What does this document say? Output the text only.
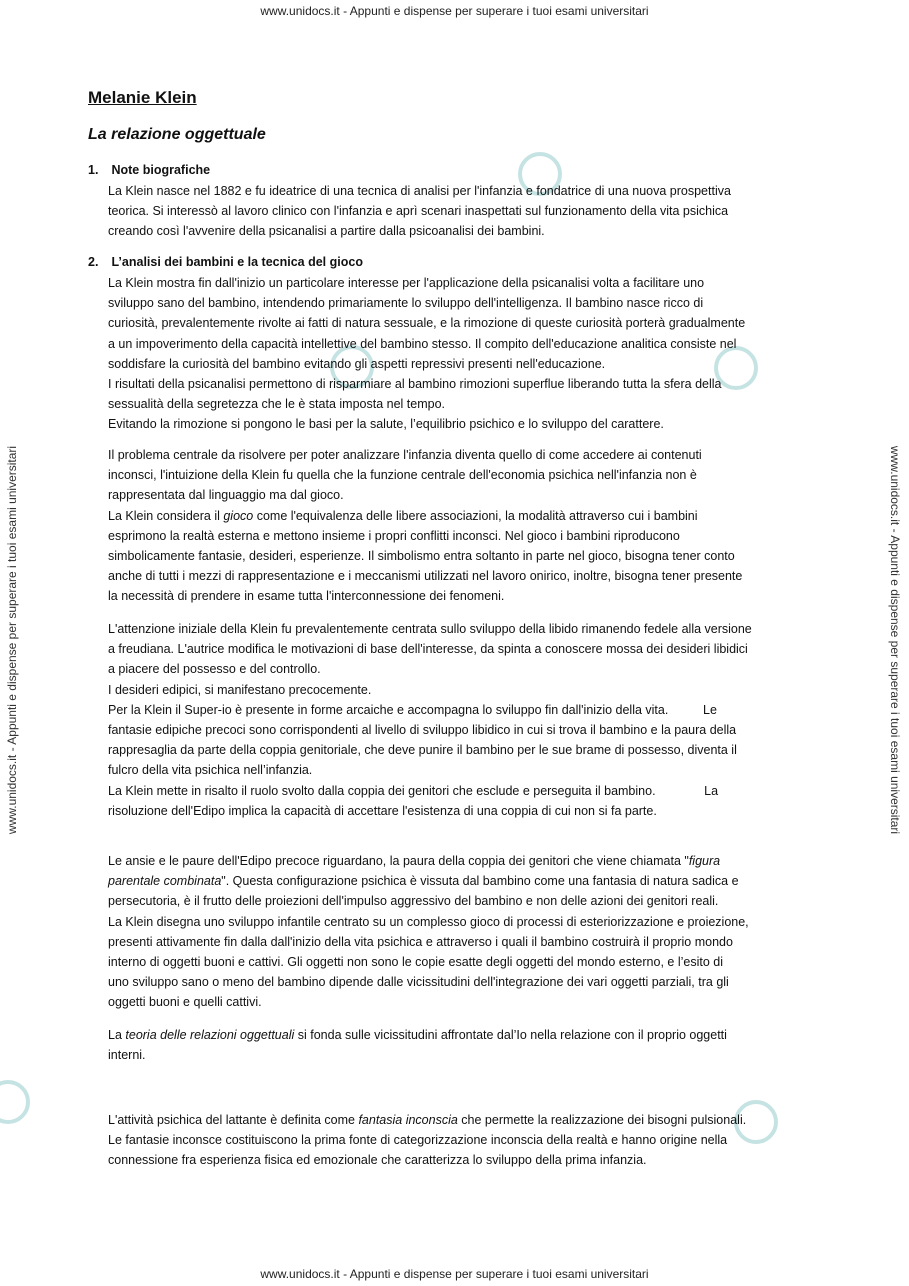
www.unidocs.it - Appunti e dispense per superare i tuoi esami universitari
www.unidocs.it - Appunti e dispense per superare i tuoi esami universitari
www.unidocs.it - Appunti e dispense per superare i tuoi esami universitari	www.unidocs.it - Appunti e dispense per superare i tuoi esami universitari
Melanie Klein
La relazione oggettuale
1. Note biografiche

La Klein nasce nel 1882 e fu ideatrice di una tecnica di analisi per l'infanzia e fondatrice di una nuova prospettiva
teorica. Si interessò al lavoro clinico con l'infanzia e aprì scenari inaspettati sul funzionamento della vita psichica
creando così l'avvenire della psicanalisi a partire dalla psicoanalisi dei bambini.

2. L’analisi dei bambini e la tecnica del gioco

La Klein mostra fin dall'inizio un particolare interesse per l'applicazione della psicanalisi volta a facilitare uno
sviluppo sano del bambino, intendendo primariamente lo sviluppo dell'intelligenza. Il bambino nasce ricco di
curiosità, prevalentemente rivolte ai fatti di natura sessuale, e la rimozione di queste curiosità porterà gradualmente
a un impoverimento della capacità intellettive del bambino stesso. Il compito dell'educazione analitica consiste nel
soddisfare la curiosità del bambino evitando gli aspetti repressivi presenti nell'educazione.
I risultati della psicanalisi permettono di risparmiare al bambino rimozioni superflue liberando tutta la sfera della
sessualità della segretezza che le è stata imposta nel tempo.
Evitando la rimozione si pongono le basi per la salute, l’equilibrio psichico e lo sviluppo del carattere.

Il problema centrale da risolvere per poter analizzare l'infanzia diventa quello di come accedere ai contenuti
inconsci, l'intuizione della Klein fu quella che la funzione centrale dell'economia psichica nell'infanzia non è
rappresentata dal linguaggio ma dal gioco.
La Klein considera il gioco come l'equivalenza delle libere associazioni, la modalità attraverso cui i bambini
esprimono la realtà esterna e mettono insieme i propri conflitti inconsci. Nel gioco i bambini riproducono
simbolicamente fantasie, desideri, esperienze. Il simbolismo entra soltanto in parte nel gioco, bisogna tener conto
anche di tutti i mezzi di rappresentazione e i meccanismi utilizzati nel lavoro onirico, inoltre, bisogna tener presente
la necessità di prendere in esame tutta l'interconnessione dei fenomeni.

L'attenzione iniziale della Klein fu prevalentemente centrata sullo sviluppo della libido rimanendo fedele alla versione
a freudiana. L'autrice modifica le motivazioni di base dell'interesse, da spinta a conoscere mossa dei desideri libidici
a piacere del possesso e del controllo.
I desideri edipici, si manifestano precocemente.
Per la Klein il Super-io è presente in forme arcaiche e accompagna lo sviluppo fin dall'inizio della vita.          Le
fantasie edipiche precoci sono corrispondenti al livello di sviluppo libidico in cui si trova il bambino e la paura della
rappresaglia da parte della coppia genitoriale, che deve punire il bambino per le sue brame di possesso, diventa il
fulcro della vita psichica nell’infanzia.
La Klein mette in risalto il ruolo svolto dalla coppia dei genitori che esclude e perseguita il bambino.              La
risoluzione dell'Edipo implica la capacità di accettare l'esistenza di una coppia di cui non si fa parte.

Le ansie e le paure dell'Edipo precoce riguardano, la paura della coppia dei genitori che viene chiamata "figura
parentale combinata". Questa configurazione psichica è vissuta dal bambino come una fantasia di natura sadica e
persecutoria, è il frutto delle proiezioni dell'impulso aggressivo del bambino e non delle azioni dei genitori reali.
La Klein disegna uno sviluppo infantile centrato su un complesso gioco di processi di esteriorizzazione e proiezione,
presenti attivamente fin dalla dall'inizio della vita psichica e attraverso i quali il bambino costruirà il proprio mondo
interno di oggetti buoni e cattivi. Gli oggetti non sono le copie esatte degli oggetti del mondo esterno, e l’esito di
uno sviluppo sano o meno del bambino dipende dalle vicissitudini dell'integrazione dei vari oggetti parziali, tra gli
oggetti buoni e quelli cattivi.

La teoria delle relazioni oggettuali si fonda sulle vicissitudini affrontate dal’Io nella relazione con il proprio oggetti
interni.

L'attività psichica del lattante è definita come fantasia inconscia che permette la realizzazione dei bisogni pulsionali.
Le fantasie inconsce costituiscono la prima fonte di categorizzazione inconscia della realtà e hanno origine nella
connessione fra esperienza fisica ed emozionale che caratterizza lo sviluppo della prima infanzia.
